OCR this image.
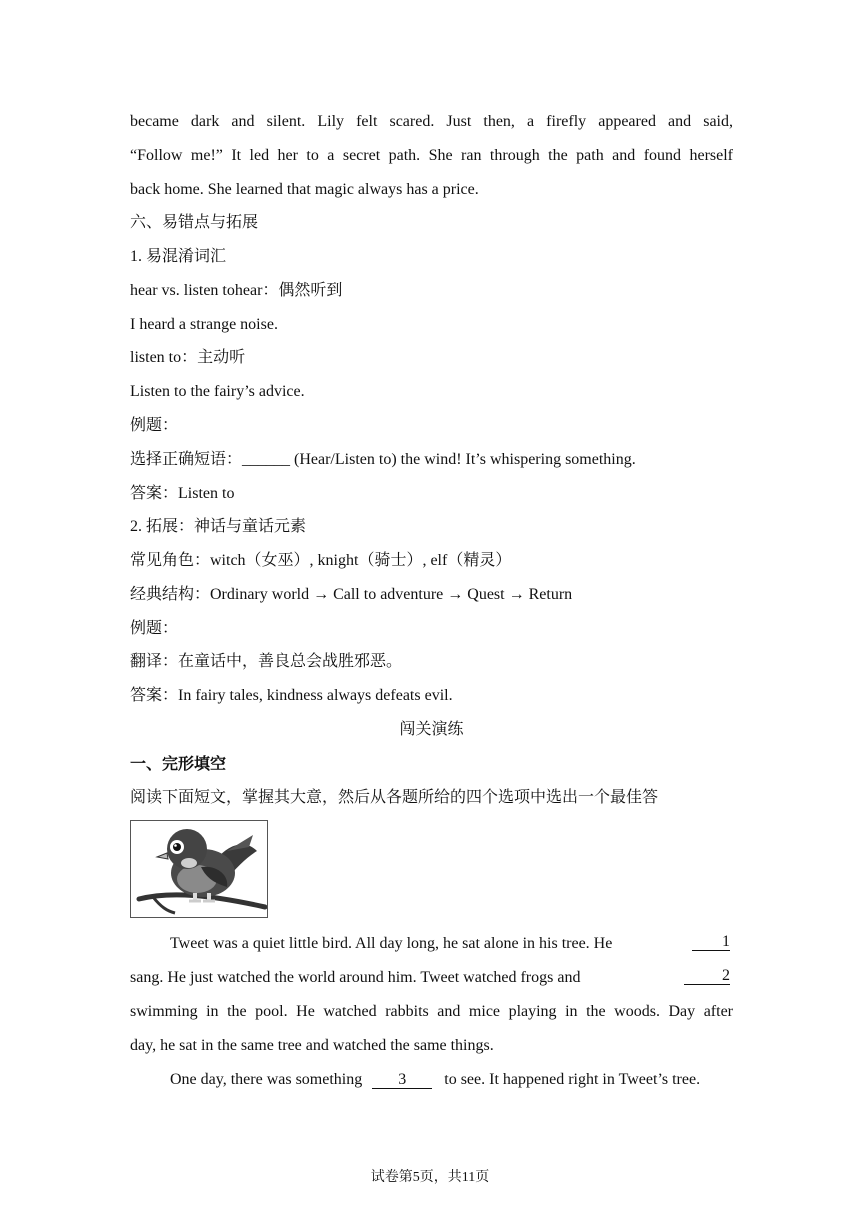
became dark and silent. Lily felt scared. Just then, a firefly appeared and said,
“Follow me!” It led her to a secret path. She ran through the path and found herself
back home. She learned that magic always has a price.
六、易错点与拓展
1. 易混淆词汇
hear vs. listen tohear：偶然听到
I heard a strange noise.
listen to：主动听
Listen to the fairy’s advice.
例题：
选择正确短语：______ (Hear/Listen to) the wind! It’s whispering something.
答案：Listen to
2. 拓展：神话与童话元素
常见角色：witch（女巫）, knight（骑士）, elf（精灵）
经典结构：Ordinary world → Call to adventure → Quest → Return
例题：
翻译：在童话中，善良总会战胜邪恶。
答案：In fairy tales, kindness always defeats evil.
闯关演练
一、完形填空
阅读下面短文，掌握其大意，然后从各题所给的四个选项中选出一个最佳答
Tweet was a quiet little bird. All day long, he sat alone in his tree. He	1
sang. He just watched the world around him. Tweet watched frogs and	2
swimming in the pool. He watched rabbits and mice playing in the woods. Day after
day, he sat in the same tree and watched the same things.
One day, there was something 3 to see. It happened right in Tweet’s tree.
试卷第5页，共11页
